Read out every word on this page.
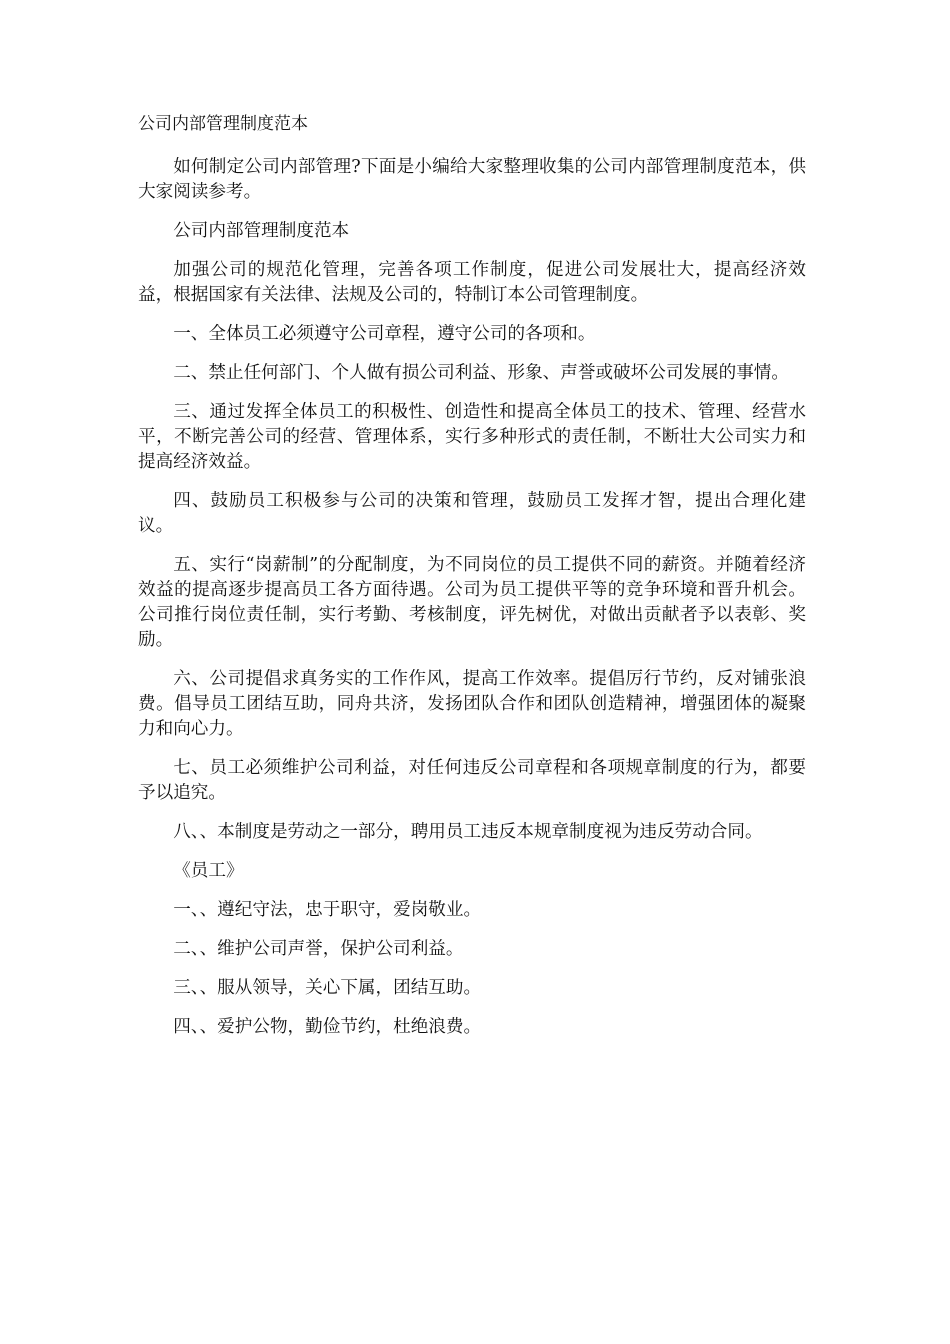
公司内部管理制度范本

如何制定公司内部管理?下面是小编给大家整理收集的公司内部管理制度范本，供大家阅读参考。

公司内部管理制度范本

加强公司的规范化管理，完善各项工作制度，促进公司发展壮大，提高经济效益，根据国家有关法律、法规及公司的，特制订本公司管理制度。

一、全体员工必须遵守公司章程，遵守公司的各项和。

二、禁止任何部门、个人做有损公司利益、形象、声誉或破坏公司发展的事情。

三、通过发挥全体员工的积极性、创造性和提高全体员工的技术、管理、经营水平，不断完善公司的经营、管理体系，实行多种形式的责任制，不断壮大公司实力和提高经济效益。

四、鼓励员工积极参与公司的决策和管理，鼓励员工发挥才智，提出合理化建议。

五、实行“岗薪制”的分配制度，为不同岗位的员工提供不同的薪资。并随着经济效益的提高逐步提高员工各方面待遇。公司为员工提供平等的竞争环境和晋升机会。公司推行岗位责任制，实行考勤、考核制度，评先树优，对做出贡献者予以表彰、奖励。

六、公司提倡求真务实的工作作风，提高工作效率。提倡厉行节约，反对铺张浪费。倡导员工团结互助，同舟共济，发扬团队合作和团队创造精神，增强团体的凝聚力和向心力。

七、员工必须维护公司利益，对任何违反公司章程和各项规章制度的行为，都要予以追究。

八、、本制度是劳动之一部分，聘用员工违反本规章制度视为违反劳动合同。

《员工》

一、、遵纪守法，忠于职守，爱岗敬业。

二、、维护公司声誉，保护公司利益。

三、、服从领导，关心下属，团结互助。

四、、爱护公物，勤俭节约，杜绝浪费。
